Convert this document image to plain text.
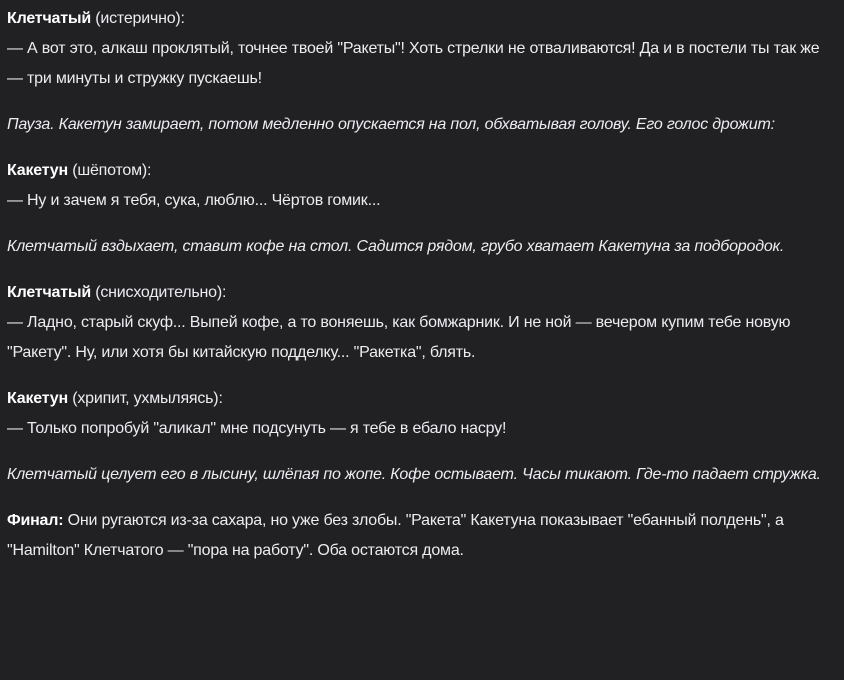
Клетчатый (истерично):
— А вот это, алкаш проклятый, точнее твоей "Ракеты"! Хоть стрелки не отваливаются! Да и в постели ты так же — три минуты и стружку пускаешь!
Пауза. Какетун замирает, потом медленно опускается на пол, обхватывая голову. Его голос дрожит:
Какетун (шёпотом):
— Ну и зачем я тебя, сука, люблю... Чёртов гомик...
Клетчатый вздыхает, ставит кофе на стол. Садится рядом, грубо хватает Какетуна за подбородок.
Клетчатый (снисходительно):
— Ладно, старый скуф... Выпей кофе, а то воняешь, как бомжарник. И не ной — вечером купим тебе новую "Ракету". Ну, или хотя бы китайскую подделку... "Ракетка", блять.
Какетун (хрипит, ухмыляясь):
— Только попробуй "аликал" мне подсунуть — я тебе в ебало насру!
Клетчатый целует его в лысину, шлёпая по жопе. Кофе остывает. Часы тикают. Где-то падает стружка.
Финал: Они ругаются из-за сахара, но уже без злобы. "Ракета" Какетуна показывает "ебанный полдень", а "Hamilton" Клетчатого — "пора на работу". Оба остаются дома.
